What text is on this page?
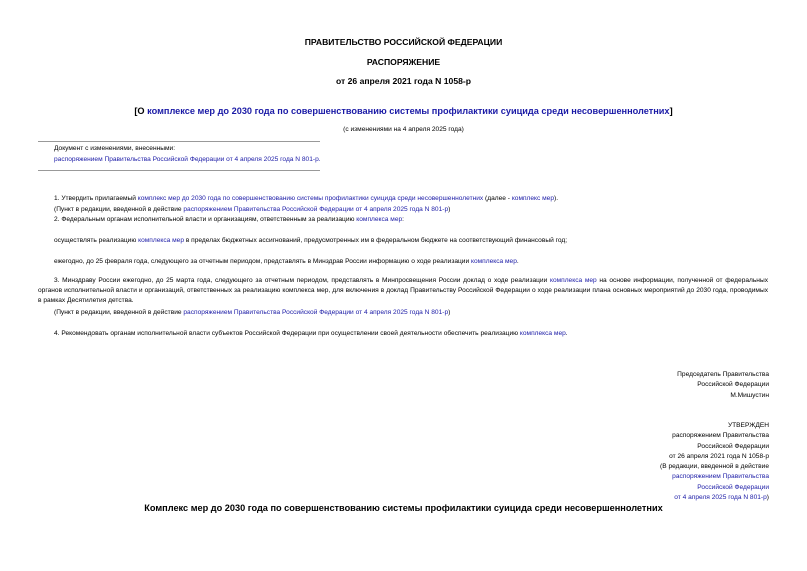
ПРАВИТЕЛЬСТВО РОССИЙСКОЙ ФЕДЕРАЦИИ
РАСПОРЯЖЕНИЕ
от 26 апреля 2021 года N 1058-р
[О комплексе мер до 2030 года по совершенствованию системы профилактики суицида среди несовершеннолетних]
(с изменениями на 4 апреля 2025 года)
Документ с изменениями, внесенными:
распоряжением Правительства Российской Федерации от 4 апреля 2025 года N 801-р.
1. Утвердить прилагаемый комплекс мер до 2030 года по совершенствованию системы профилактики суицида среди несовершеннолетних (далее - комплекс мер).
(Пункт в редакции, введенной в действие распоряжением Правительства Российской Федерации от 4 апреля 2025 года N 801-р)
2. Федеральным органам исполнительной власти и организациям, ответственным за реализацию комплекса мер:
осуществлять реализацию комплекса мер в пределах бюджетных ассигнований, предусмотренных им в федеральном бюджете на соответствующий финансовый год;
ежегодно, до 25 февраля года, следующего за отчетным периодом, представлять в Минздрав России информацию о ходе реализации комплекса мер.
3. Минздраву России ежегодно, до 25 марта года, следующего за отчетным периодом, представлять в Минпросвещения России доклад о ходе реализации комплекса мер на основе информации, полученной от федеральных органов исполнительной власти и организаций, ответственных за реализацию комплекса мер, для включения в доклад Правительству Российской Федерации о ходе реализации плана основных мероприятий до 2030 года, проводимых в рамках Десятилетия детства.
(Пункт в редакции, введенной в действие распоряжением Правительства Российской Федерации от 4 апреля 2025 года N 801-р)
4. Рекомендовать органам исполнительной власти субъектов Российской Федерации при осуществлении своей деятельности обеспечить реализацию комплекса мер.
Председатель Правительства
Российской Федерации
М.Мишустин
УТВЕРЖДЕН
распоряжением Правительства
Российской Федерации
от 26 апреля 2021 года N 1058-р
(В редакции, введенной в действие
распоряжением Правительства
Российской Федерации
от 4 апреля 2025 года N 801-р)
Комплекс мер до 2030 года по совершенствованию системы профилактики суицида среди несовершеннолетних
